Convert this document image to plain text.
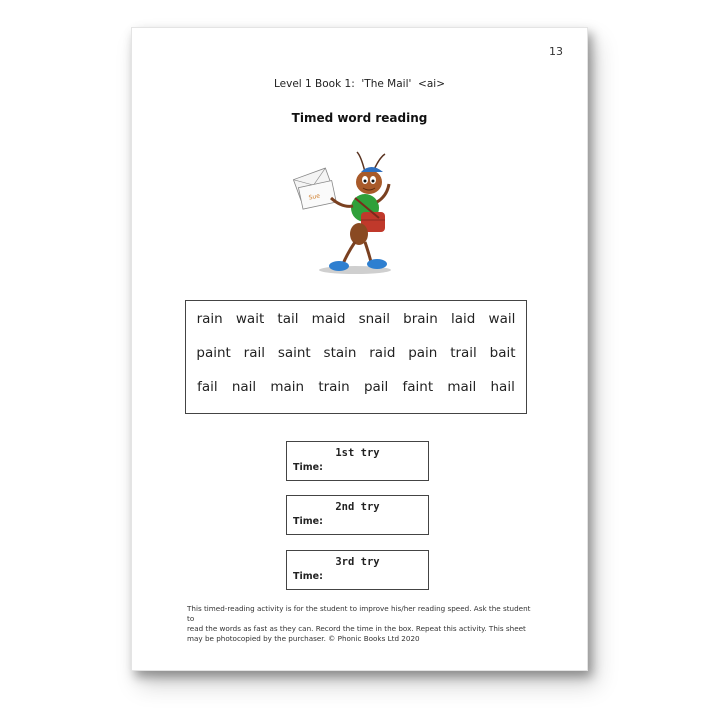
13
Level 1 Book 1:  'The Mail'  <ai>
Timed word reading
Sue
rain wait tail maid snail brain laid wail
paint rail saint stain raid pain trail bait
fail nail main train pail faint mail hail
1st try
Time:
2nd try
Time:
3rd try
Time:
This timed-reading activity is for the student to improve his/her reading speed. Ask the student to
read the words as fast as they can. Record the time in the box. Repeat this activity. This sheet
may be photocopied by the purchaser. © Phonic Books Ltd 2020
